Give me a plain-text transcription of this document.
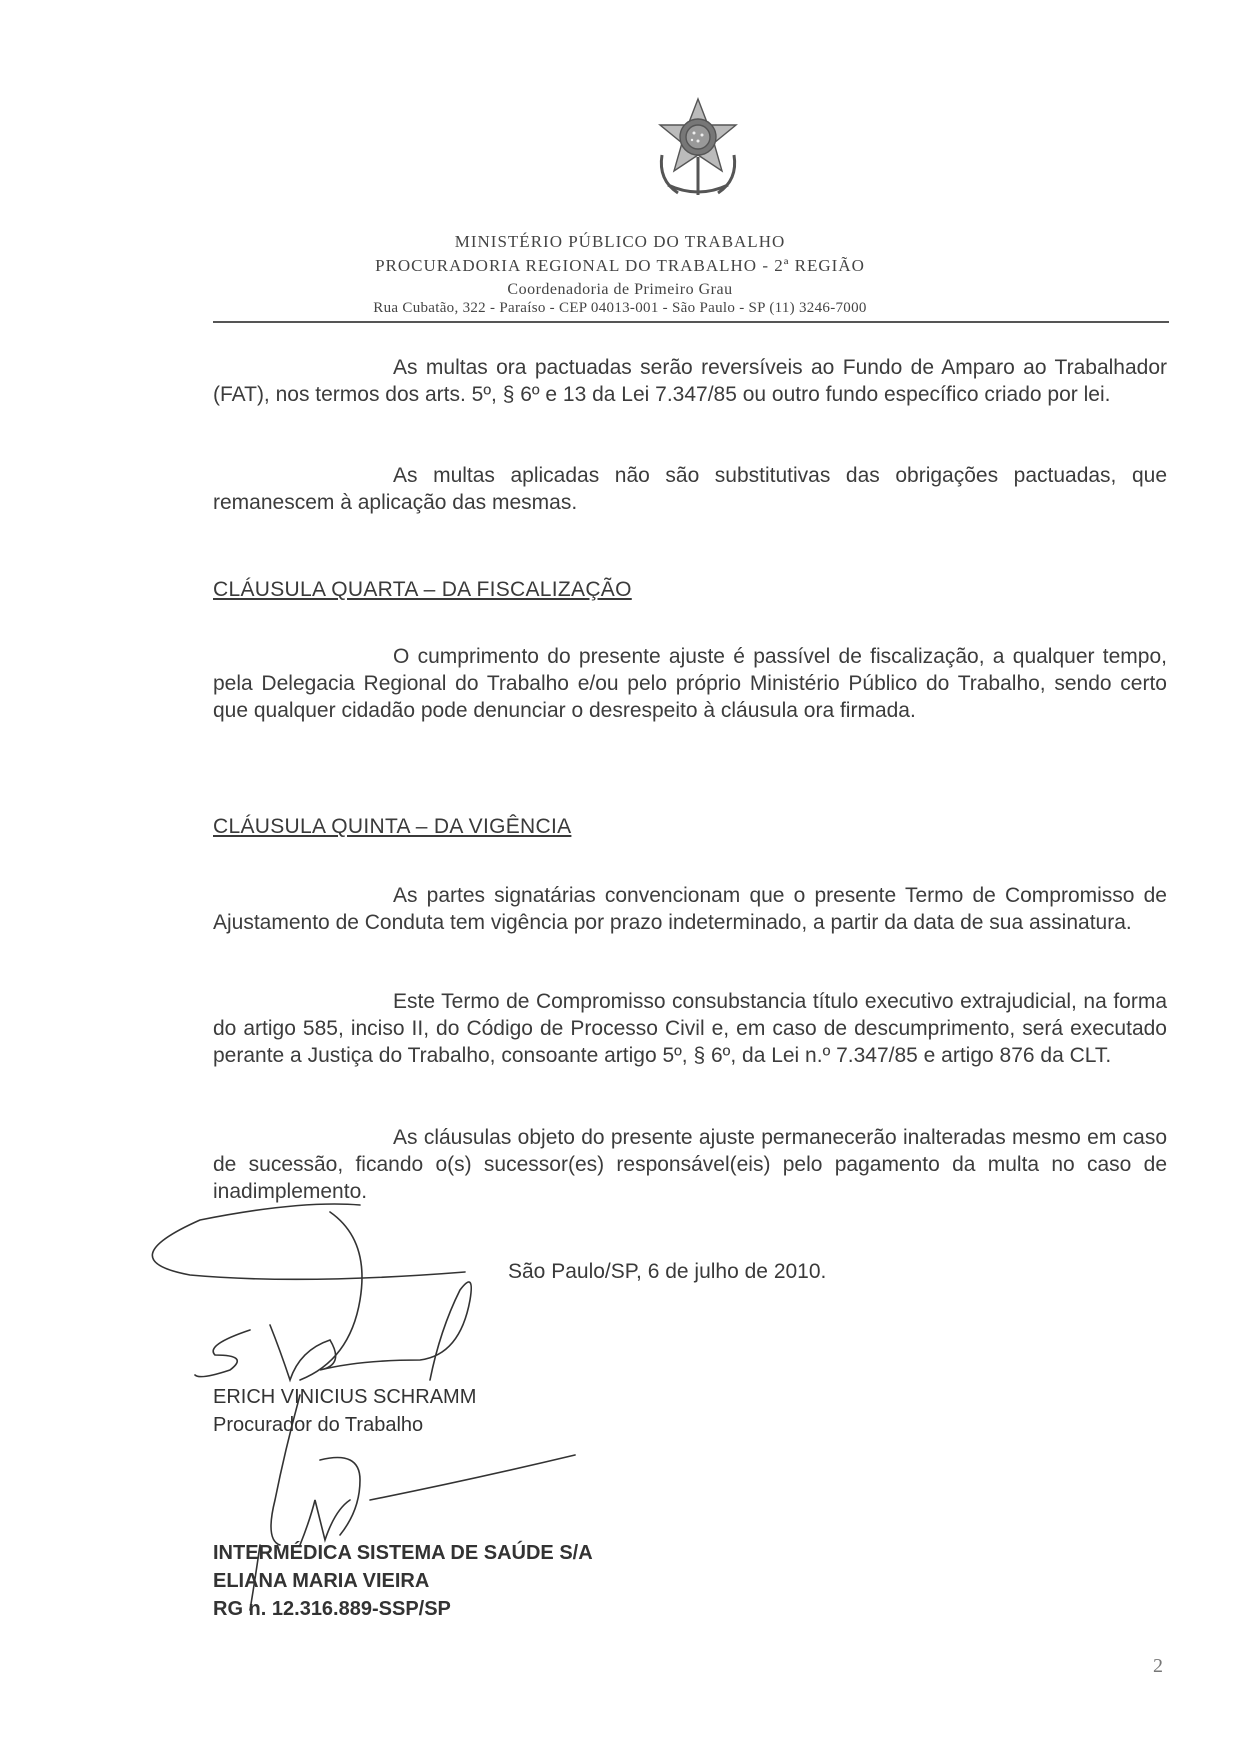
MINISTÉRIO PÚBLICO DO TRABALHO
PROCURADORIA REGIONAL DO TRABALHO - 2ª REGIÃO
Coordenadoria de Primeiro Grau
Rua Cubatão, 322 - Paraíso - CEP 04013-001 - São Paulo - SP (11) 3246-7000
As multas ora pactuadas serão reversíveis ao Fundo de Amparo ao Trabalhador (FAT), nos termos dos arts. 5º, § 6º e 13 da Lei 7.347/85 ou outro fundo específico criado por lei.
As multas aplicadas não são substitutivas das obrigações pactuadas, que remanescem à aplicação das mesmas.
CLÁUSULA QUARTA – DA FISCALIZAÇÃO
O cumprimento do presente ajuste é passível de fiscalização, a qualquer tempo, pela Delegacia Regional do Trabalho e/ou pelo próprio Ministério Público do Trabalho, sendo certo que qualquer cidadão pode denunciar o desrespeito à cláusula ora firmada.
CLÁUSULA QUINTA – DA VIGÊNCIA
As partes signatárias convencionam que o presente Termo de Compromisso de Ajustamento de Conduta tem vigência por prazo indeterminado, a partir da data de sua assinatura.
Este Termo de Compromisso consubstancia título executivo extrajudicial, na forma do artigo 585, inciso II, do Código de Processo Civil e, em caso de descumprimento, será executado perante a Justiça do Trabalho, consoante artigo 5º, § 6º, da Lei n.º 7.347/85 e artigo 876 da CLT.
As cláusulas objeto do presente ajuste permanecerão inalteradas mesmo em caso de sucessão, ficando o(s) sucessor(es) responsável(eis) pelo pagamento da multa no caso de inadimplemento.
São Paulo/SP, 6 de julho de 2010.
ERICH VINICIUS SCHRAMM
Procurador do Trabalho
INTERMÉDICA SISTEMA DE SAÚDE S/A
ELIANA MARIA VIEIRA
RG n. 12.316.889-SSP/SP
2
